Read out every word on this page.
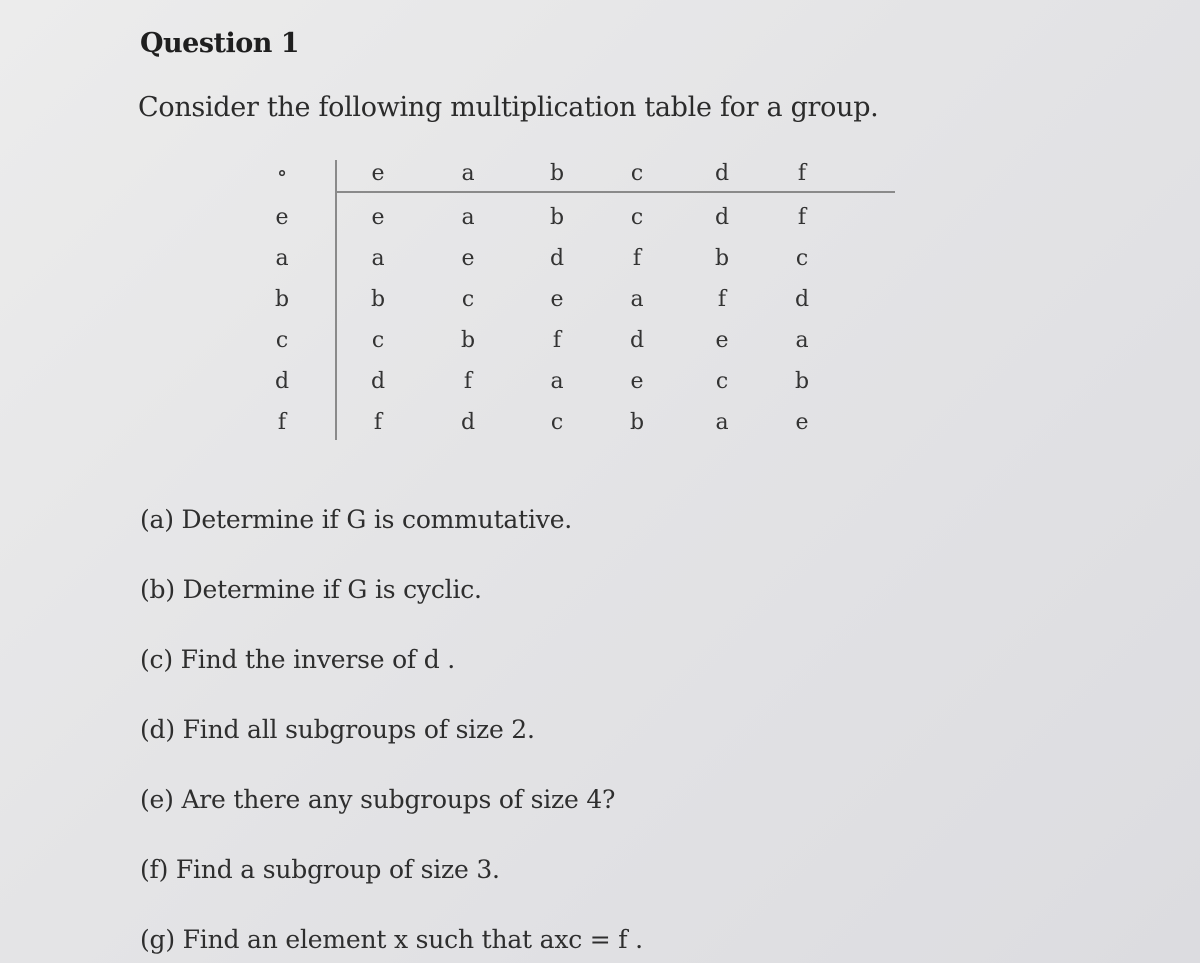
Question 1
Consider the following multiplication table for a group.
∘	e	a	b	c	d	f
e	e	a	b	c	d	f
a	a	e	d	f	b	c
b	b	c	e	a	f	d
c	c	b	f	d	e	a
d	d	f	a	e	c	b
f	f	d	c	b	a	e
(a) Determine if G is commutative.
(b) Determine if G is cyclic.
(c) Find the inverse of d .
(d) Find all subgroups of size 2.
(e) Are there any subgroups of size 4?
(f) Find a subgroup of size 3.
(g) Find an element x such that axc = f .
